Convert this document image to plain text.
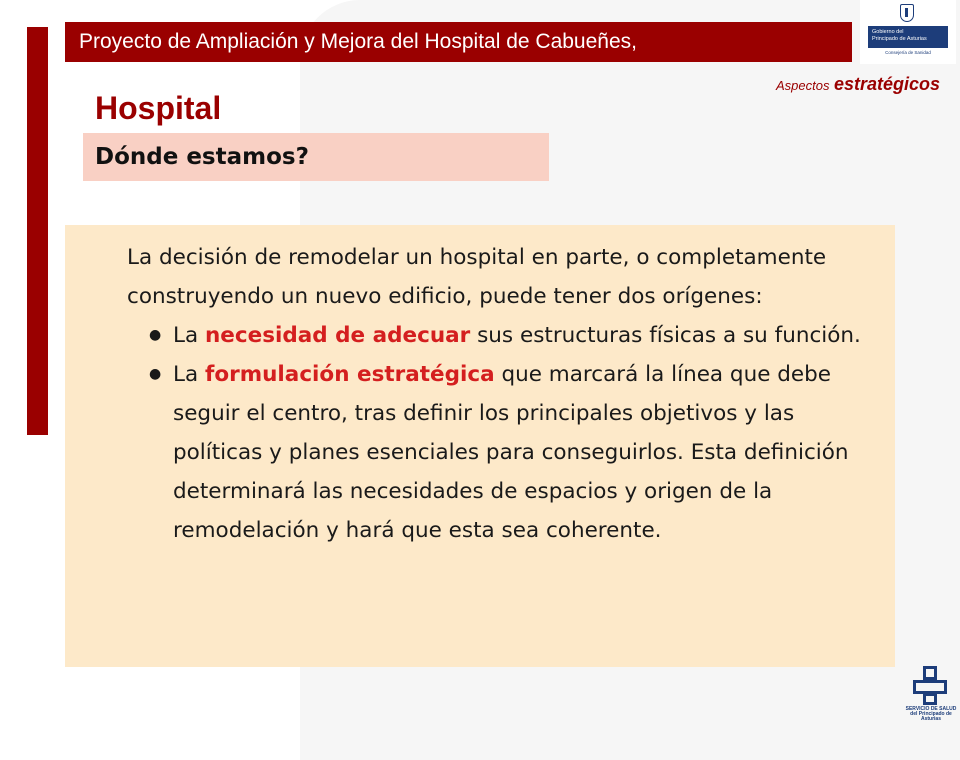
Proyecto de Ampliación y Mejora del Hospital de Cabueñes,	Gobierno del
Principado de Asturias
Consejería de Sanidad
Aspectos estratégicos
Hospital
Dónde estamos?

La decisión de remodelar un hospital en parte, o completamente construyendo un nuevo edificio, puede tener dos orígenes:

● La necesidad de adecuar sus estructuras físicas a su función.

● La formulación estratégica que marcará la línea que debe seguir el centro, tras definir los principales objetivos y las políticas y planes esenciales para conseguirlos. Esta definición determinará las necesidades de espacios y origen de la remodelación y hará que esta sea coherente.

SERVICIO DE SALUD
del Principado de Asturias
